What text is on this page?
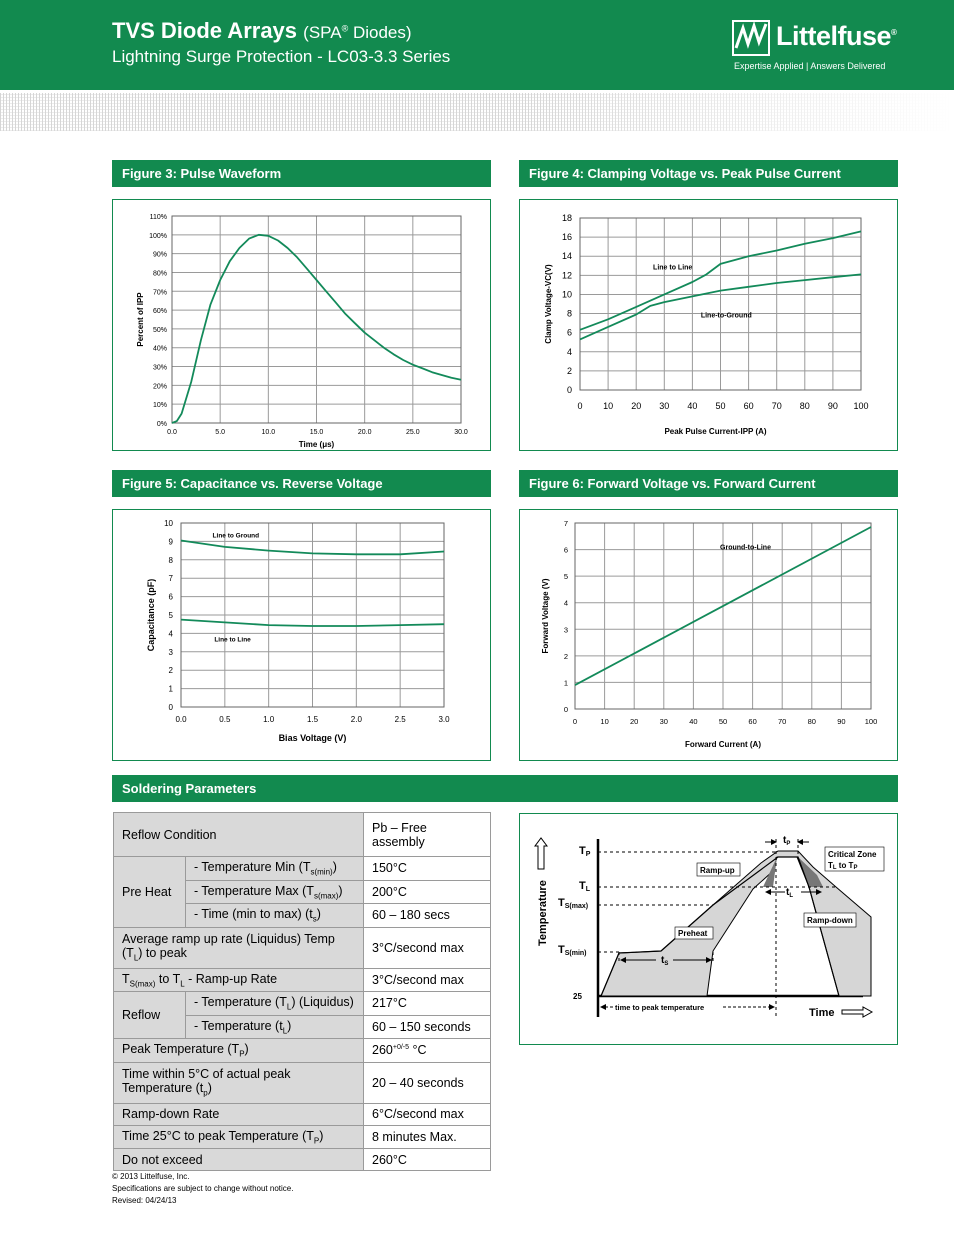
TVS Diode Arrays (SPA® Diodes)
Lightning Surge Protection - LC03-3.3 Series
Littelfuse®
Expertise Applied | Answers Delivered
Figure 3: Pulse Waveform	Figure 4: Clamping Voltage vs. Peak Pulse Current
Figure 5: Capacitance vs. Reverse Voltage	Figure 6: Forward Voltage vs. Forward Current
Soldering Parameters
0.0	5.0	10.0	15.0	20.0	25.0	30.0
0%
10%
20%
30%
40%
50%
60%
70%
80%
90%
100%
110%
Time (μs)
Percent of IPP
0 10 20 30 40 50 60 70 80 90 100
0
2
4
6
8
10
12
14
16
18
Peak Pulse Current-IPP (A)
Clamp Voltage-VC(V)	Line to Line
Line-to-Ground
0.0	0.5	1.0	1.5	2.0	2.5	3.0
0
1
2
3
4
5
6
7
8
9
10
Bias Voltage (V)
Capacitance (pF)
Line to Ground
Line to Line
0	10	20	30	40	50	60	70	80	90	100
0
1
2
3
4
5
6
7
Forward Current (A)
Forward Voltage (V)
Ground-to-Line
Reflow Condition		Pb – Free assembly
Pre Heat	- Temperature Min $(T_{s(min)})$	150°C
	- Temperature Max $(T_{s(max)})$	200°C
	- Time (min to max) $(t_s)$	60 – 180 secs
Average ramp up rate (Liquidus) Temp $(T_L)$ to peak		3°C/second max
$T_{S(max)}$ to $T_L$ - Ramp-up Rate		3°C/second max
Reflow	- Temperature $(T_L)$ (Liquidus)	217°C
	- Temperature $(t_L)$	60 – 150 seconds
Peak Temperature $(T_P)$		$260^{+0/-5}$ °C
Time within 5°C of actual peak Temperature $(t_p)$		20 – 40 seconds
Ramp-down Rate		6°C/second max
Time 25°C to peak Temperature $(T_P)$		8 minutes Max.
Do not exceed		260°C
Temperature
Time
TP
TL
TS(max)
TS(min)
25
$t_P$
$t_L$
$t_S$
time to peak temperature
Ramp-up
Preheat
Ramp-down
Critical Zone
TL to TP
© 2013 Littelfuse, Inc.
Specifications are subject to change without notice.
Revised: 04/24/13
